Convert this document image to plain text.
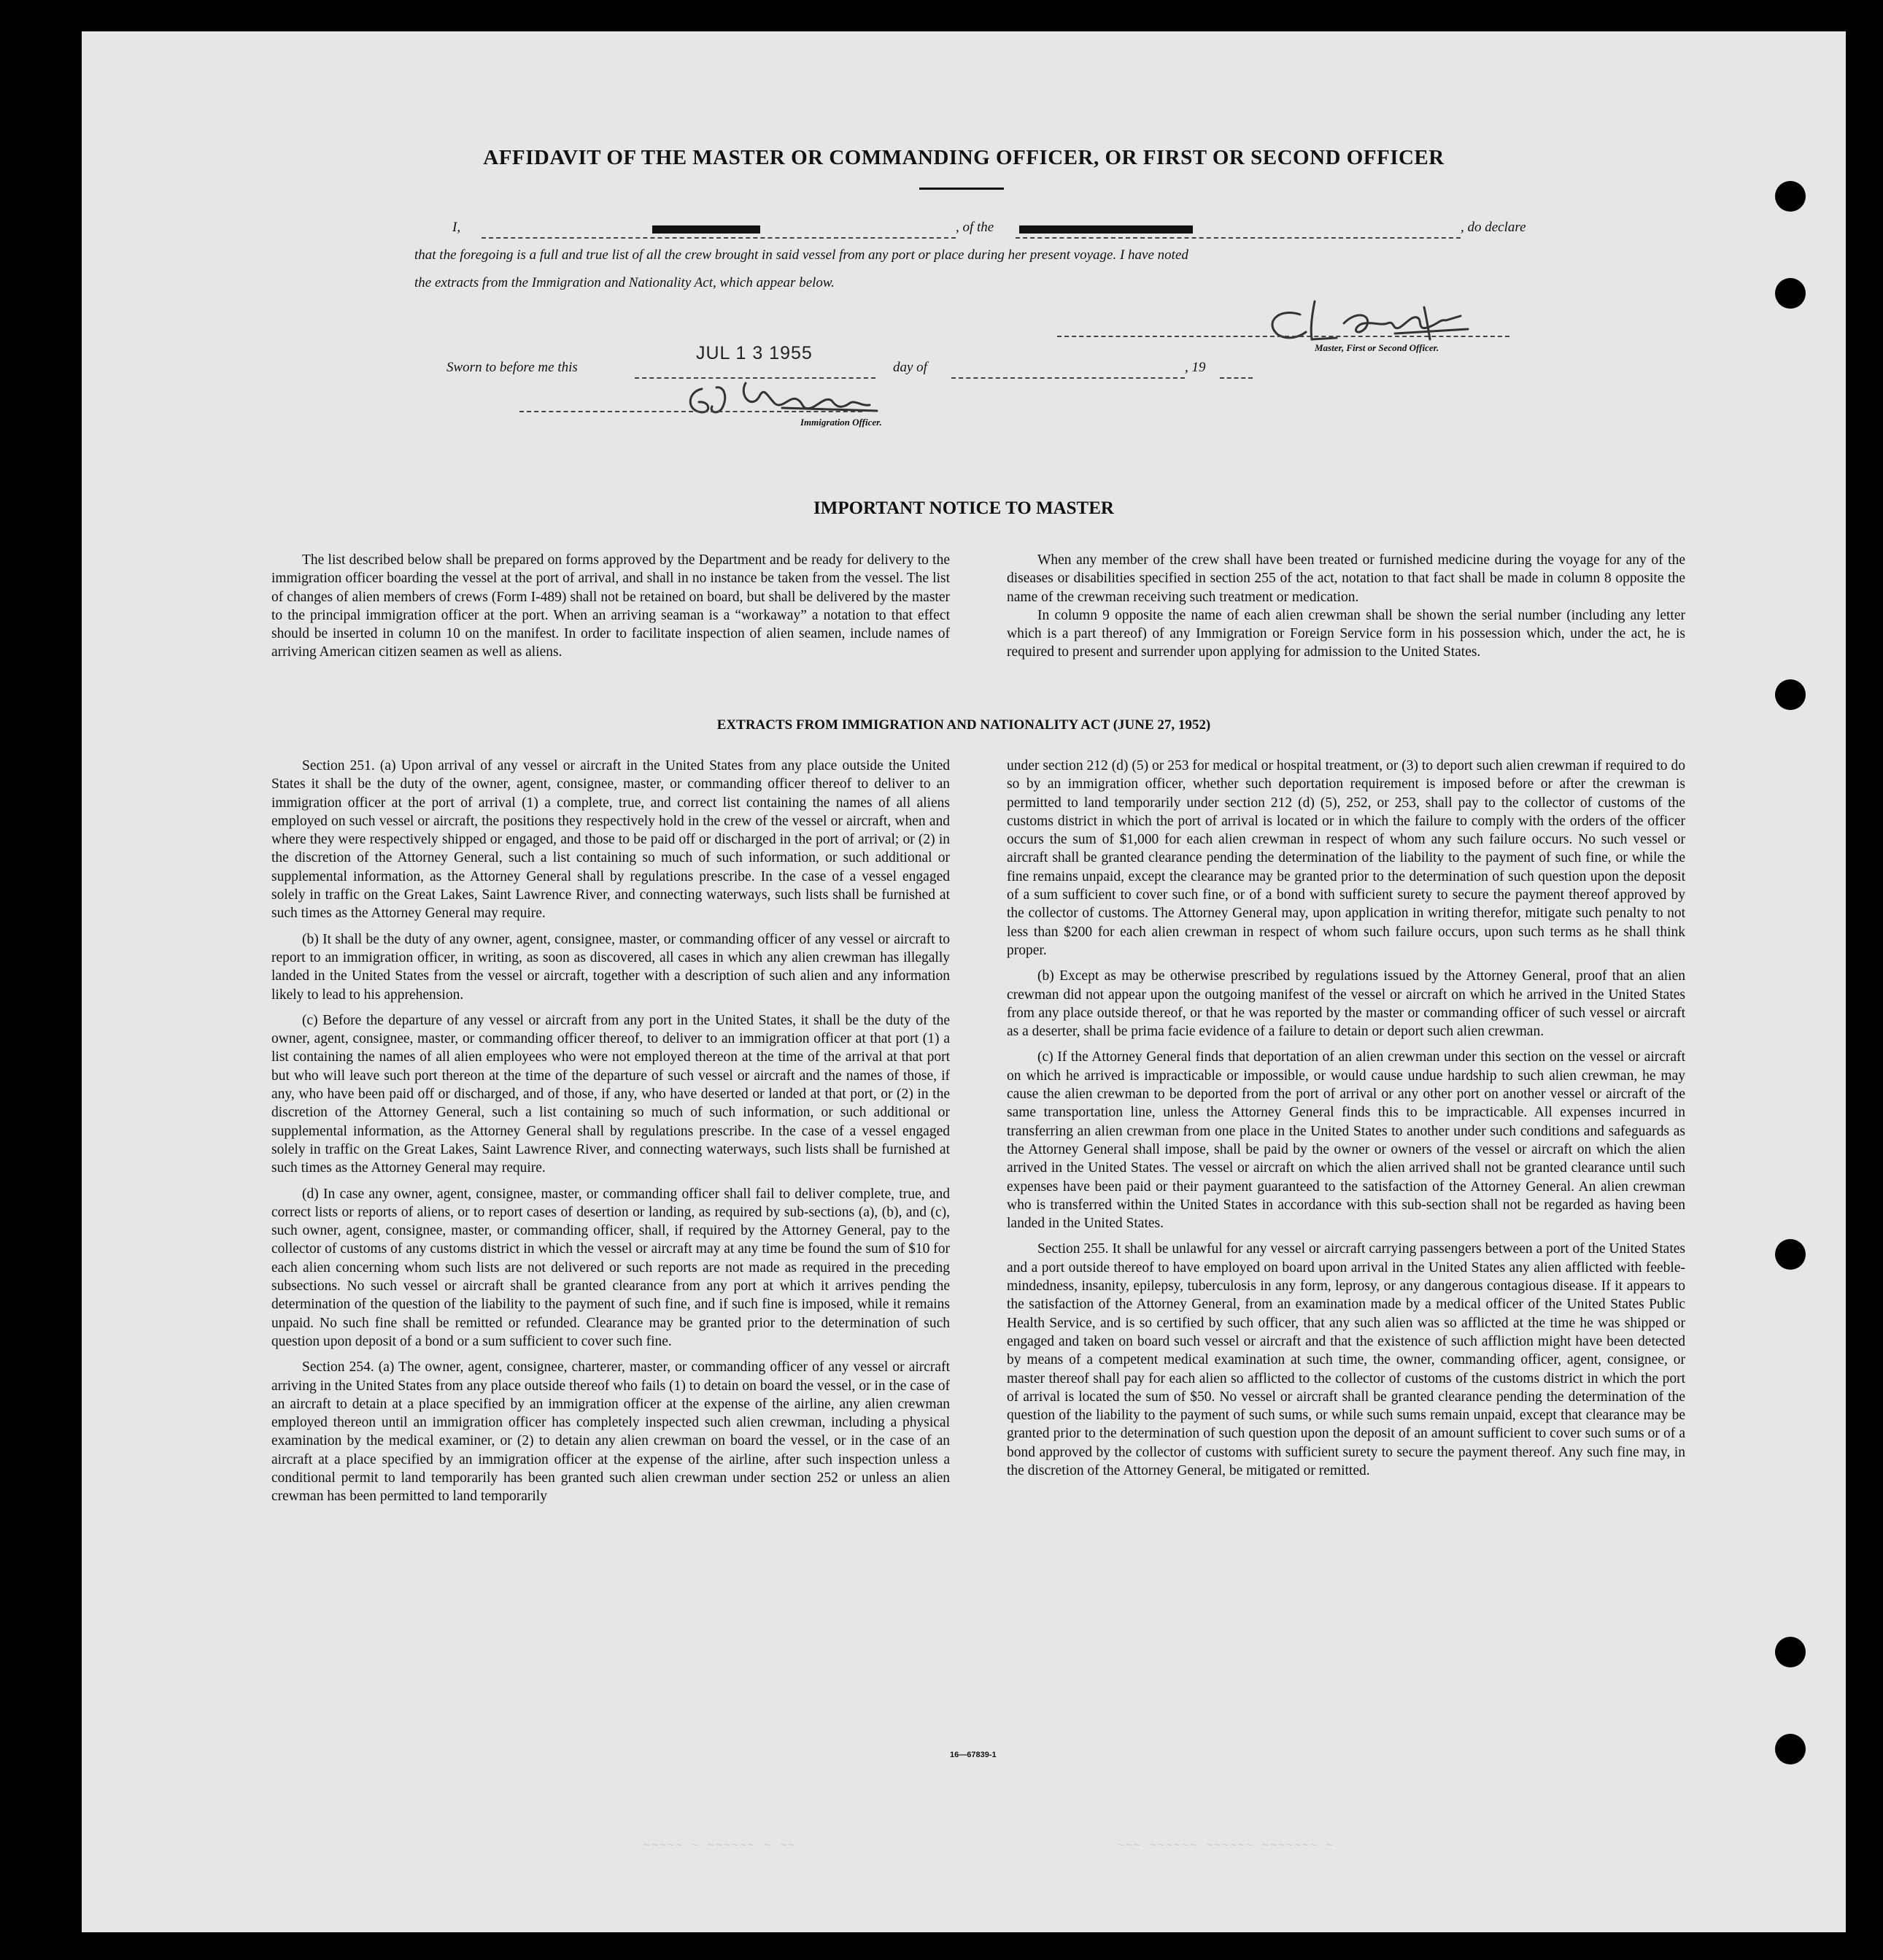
AFFIDAVIT OF THE MASTER OR COMMANDING OFFICER, OR FIRST OR SECOND OFFICER
I,	, of the	, do declare
that the foregoing is a full and true list of all the crew brought in said vessel from any port or place during her present voyage. I have noted
the extracts from the Immigration and Nationality Act, which appear below.
Master, First or Second Officer.
JUL 1 3 1955
Sworn to before me this	day of	, 19
Immigration Officer.
IMPORTANT NOTICE TO MASTER

The list described below shall be prepared on forms approved by the Department and be ready for delivery to the immigration officer boarding the vessel at the port of arrival, and shall in no instance be taken from the vessel. The list of changes of alien members of crews (Form I-489) shall not be retained on board, but shall be delivered by the master to the principal immigration officer at the port. When an arriving seaman is a “workaway” a notation to that effect should be inserted in column 10 on the manifest. In order to facilitate inspection of alien seamen, include names of arriving American citizen seamen as well as aliens.

When any member of the crew shall have been treated or furnished medicine during the voyage for any of the diseases or disabilities specified in section 255 of the act, notation to that fact shall be made in column 8 opposite the name of the crewman receiving such treatment or medication.

In column 9 opposite the name of each alien crewman shall be shown the serial number (including any letter which is a part thereof) of any Immigration or Foreign Service form in his possession which, under the act, he is required to present and surrender upon applying for admission to the United States.

EXTRACTS FROM IMMIGRATION AND NATIONALITY ACT (JUNE 27, 1952)

Section 251. (a) Upon arrival of any vessel or aircraft in the United States from any place outside the United States it shall be the duty of the owner, agent, consignee, master, or commanding officer thereof to deliver to an immigration officer at the port of arrival (1) a complete, true, and correct list containing the names of all aliens employed on such vessel or aircraft, the positions they respectively hold in the crew of the vessel or aircraft, when and where they were respectively shipped or engaged, and those to be paid off or discharged in the port of arrival; or (2) in the discretion of the Attorney General, such a list containing so much of such information, or such additional or supplemental information, as the Attorney General shall by regulations prescribe. In the case of a vessel engaged solely in traffic on the Great Lakes, Saint Lawrence River, and connecting waterways, such lists shall be furnished at such times as the Attorney General may require.

(b) It shall be the duty of any owner, agent, consignee, master, or commanding officer of any vessel or aircraft to report to an immigration officer, in writing, as soon as discovered, all cases in which any alien crewman has illegally landed in the United States from the vessel or aircraft, together with a description of such alien and any information likely to lead to his apprehension.

(c) Before the departure of any vessel or aircraft from any port in the United States, it shall be the duty of the owner, agent, consignee, master, or commanding officer thereof, to deliver to an immigration officer at that port (1) a list containing the names of all alien employees who were not employed thereon at the time of the arrival at that port but who will leave such port thereon at the time of the departure of such vessel or aircraft and the names of those, if any, who have been paid off or discharged, and of those, if any, who have deserted or landed at that port, or (2) in the discretion of the Attorney General, such a list containing so much of such information, or such additional or supplemental information, as the Attorney General shall by regulations prescribe. In the case of a vessel engaged solely in traffic on the Great Lakes, Saint Lawrence River, and connecting waterways, such lists shall be furnished at such times as the Attorney General may require.

(d) In case any owner, agent, consignee, master, or commanding officer shall fail to deliver complete, true, and correct lists or reports of aliens, or to report cases of desertion or landing, as required by sub-sections (a), (b), and (c), such owner, agent, consignee, master, or commanding officer, shall, if required by the Attorney General, pay to the collector of customs of any customs district in which the vessel or aircraft may at any time be found the sum of $10 for each alien concerning whom such lists are not delivered or such reports are not made as required in the preceding subsections. No such vessel or aircraft shall be granted clearance from any port at which it arrives pending the determination of the question of the liability to the payment of such fine, and if such fine is imposed, while it remains unpaid. No such fine shall be remitted or refunded. Clearance may be granted prior to the determination of such question upon deposit of a bond or a sum sufficient to cover such fine.

Section 254. (a) The owner, agent, consignee, charterer, master, or commanding officer of any vessel or aircraft arriving in the United States from any place outside thereof who fails (1) to detain on board the vessel, or in the case of an aircraft to detain at a place specified by an immigration officer at the expense of the airline, any alien crewman employed thereon until an immigration officer has completely inspected such alien crewman, including a physical examination by the medical examiner, or (2) to detain any alien crewman on board the vessel, or in the case of an aircraft at a place specified by an immigration officer at the expense of the airline, after such inspection unless a conditional permit to land temporarily has been granted such alien crewman under section 252 or unless an alien crewman has been permitted to land temporarily

under section 212 (d) (5) or 253 for medical or hospital treatment, or (3) to deport such alien crewman if required to do so by an immigration officer, whether such deportation requirement is imposed before or after the crewman is permitted to land temporarily under section 212 (d) (5), 252, or 253, shall pay to the collector of customs of the customs district in which the port of arrival is located or in which the failure to comply with the orders of the officer occurs the sum of $1,000 for each alien crewman in respect of whom any such failure occurs. No such vessel or aircraft shall be granted clearance pending the determination of the liability to the payment of such fine, or while the fine remains unpaid, except the clearance may be granted prior to the determination of such question upon the deposit of a sum sufficient to cover such fine, or of a bond with sufficient surety to secure the payment thereof approved by the collector of customs. The Attorney General may, upon application in writing therefor, mitigate such penalty to not less than $200 for each alien crewman in respect of whom such failure occurs, upon such terms as he shall think proper.

(b) Except as may be otherwise prescribed by regulations issued by the Attorney General, proof that an alien crewman did not appear upon the outgoing manifest of the vessel or aircraft on which he arrived in the United States from any place outside thereof, or that he was reported by the master or commanding officer of such vessel or aircraft as a deserter, shall be prima facie evidence of a failure to detain or deport such alien crewman.

(c) If the Attorney General finds that deportation of an alien crewman under this section on the vessel or aircraft on which he arrived is impracticable or impossible, or would cause undue hardship to such alien crewman, he may cause the alien crewman to be deported from the port of arrival or any other port on another vessel or aircraft of the same transportation line, unless the Attorney General finds this to be impracticable. All expenses incurred in transferring an alien crewman from one place in the United States to another under such conditions and safeguards as the Attorney General shall impose, shall be paid by the owner or owners of the vessel or aircraft on which the alien arrived in the United States. The vessel or aircraft on which the alien arrived shall not be granted clearance until such expenses have been paid or their payment guaranteed to the satisfaction of the Attorney General. An alien crewman who is transferred within the United States in accordance with this sub-section shall not be regarded as having been landed in the United States.

Section 255. It shall be unlawful for any vessel or aircraft carrying passengers between a port of the United States and a port outside thereof to have employed on board upon arrival in the United States any alien afflicted with feeble-mindedness, insanity, epilepsy, tuberculosis in any form, leprosy, or any dangerous contagious disease. If it appears to the satisfaction of the Attorney General, from an examination made by a medical officer of the United States Public Health Service, and is so certified by such officer, that any such alien was so afflicted at the time he was shipped or engaged and taken on board such vessel or aircraft and that the existence of such affliction might have been detected by means of a competent medical examination at such time, the owner, commanding officer, agent, consignee, or master thereof shall pay for each alien so afflicted to the collector of customs of the customs district in which the port of arrival is located the sum of $50. No vessel or aircraft shall be granted clearance pending the determination of the question of the liability to the payment of such sums, or while such sums remain unpaid, except that clearance may be granted prior to the determination of such question upon the deposit of an amount sufficient to cover such sums or of a bond approved by the collector of customs with sufficient surety to secure the payment thereof. Any such fine may, in the discretion of the Attorney General, be mitigated or remitted.

16—67839-1
~~~~~ ~ ~~~~~~ ~ ~~	~~~ ~~~~~~ ~~~~~~ ~~~~~~~ ~
